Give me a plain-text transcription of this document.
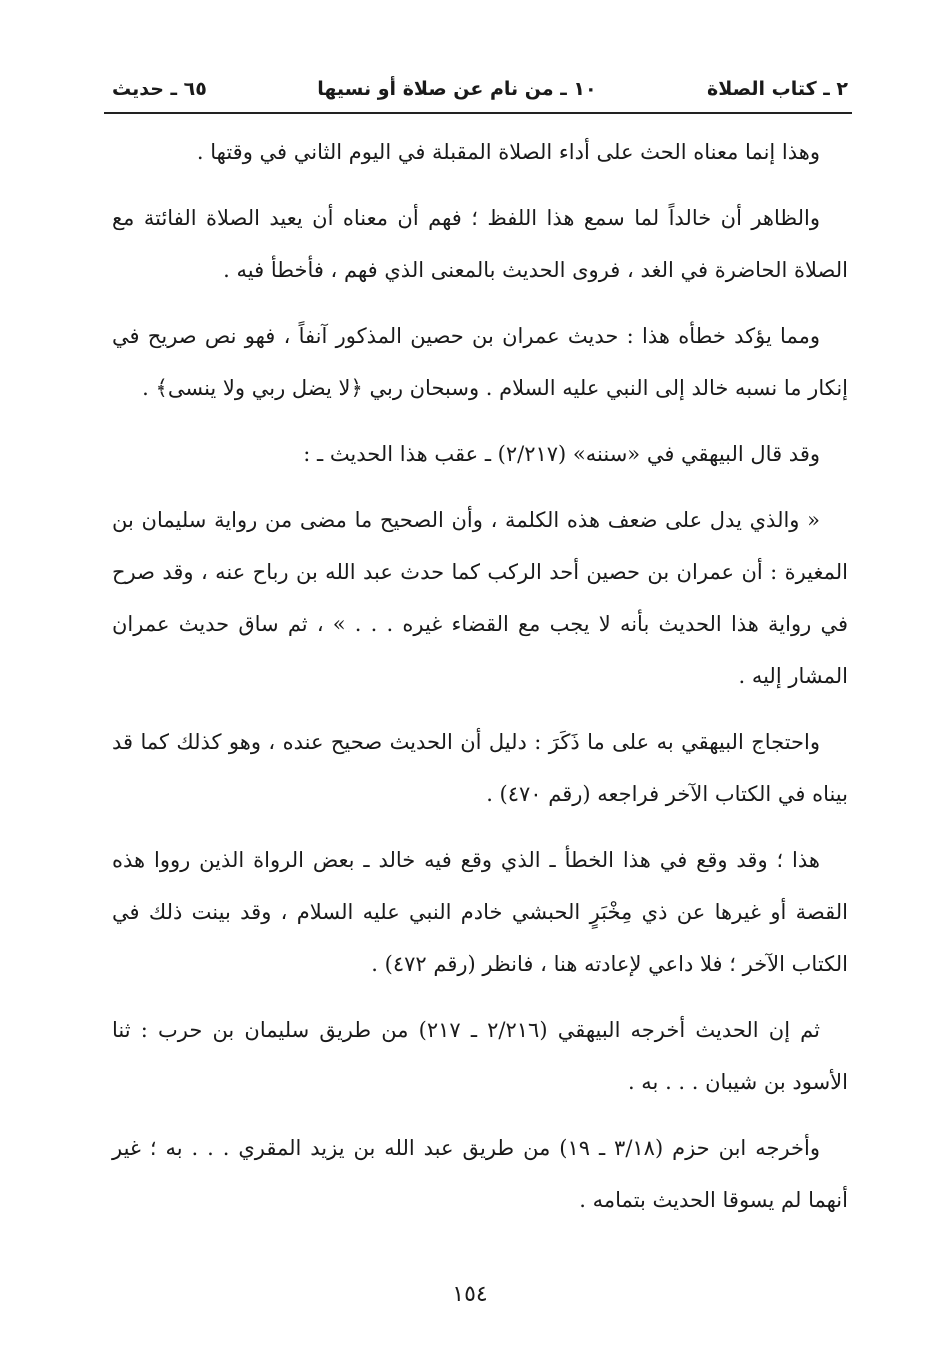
٢ ـ كتاب الصلاة
١٠ ـ من نام عن صلاة أو نسيها
٦٥ ـ حديث

وهذا إنما معناه الحث على أداء الصلاة المقبلة في اليوم الثاني في وقتها .

والظاهر أن خالداً لما سمع هذا اللفظ ؛ فهم أن معناه أن يعيد الصلاة الفائتة مع الصلاة الحاضرة في الغد ، فروى الحديث بالمعنى الذي فهم ، فأخطأ فيه .

ومما يؤكد خطأه هذا : حديث عمران بن حصين المذكور آنفاً ، فهو نص صريح في إنكار ما نسبه خالد إلى النبي عليه السلام . وسبحان ربي ﴿لا يضل ربي ولا ينسى﴾ .

وقد قال البيهقي في «سننه» (٢/٢١٧) ـ عقب هذا الحديث ـ :

« والذي يدل على ضعف هذه الكلمة ، وأن الصحيح ما مضى من رواية سليمان بن المغيرة : أن عمران بن حصين أحد الركب كما حدث عبد الله بن رباح عنه ، وقد صرح في رواية هذا الحديث بأنه لا يجب مع القضاء غيره . . . » ، ثم ساق حديث عمران المشار إليه .

واحتجاج البيهقي به على ما ذَكَرَ : دليل أن الحديث صحيح عنده ، وهو كذلك كما قد بيناه في الكتاب الآخر فراجعه (رقم ٤٧٠) .

هذا ؛ وقد وقع في هذا الخطأ ـ الذي وقع فيه خالد ـ بعض الرواة الذين رووا هذه القصة أو غيرها عن ذي مِخْبَرٍ الحبشي خادم النبي عليه السلام ، وقد بينت ذلك في الكتاب الآخر ؛ فلا داعي لإعادته هنا ، فانظر (رقم ٤٧٢) .

ثم إن الحديث أخرجه البيهقي (٢/٢١٦ ـ ٢١٧) من طريق سليمان بن حرب : ثنا الأسود بن شيبان . . . به .

وأخرجه ابن حزم (٣/١٨ ـ ١٩) من طريق عبد الله بن يزيد المقري . . . به ؛ غير أنهما لم يسوقا الحديث بتمامه .

١٥٤
